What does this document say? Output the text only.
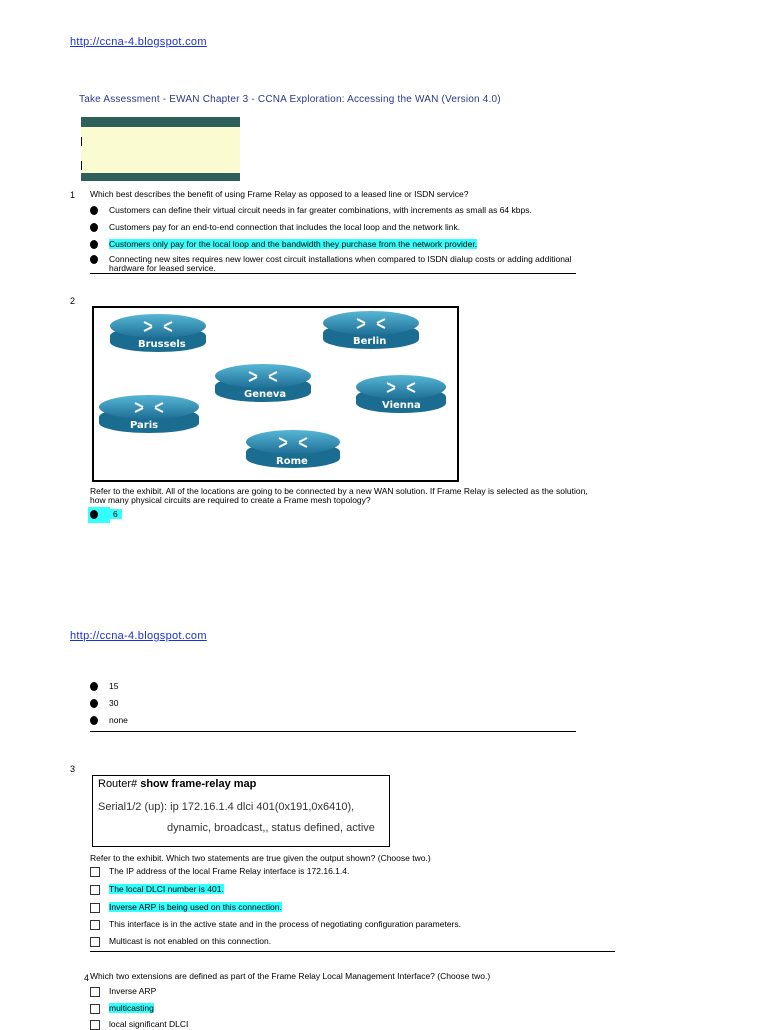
http://ccna-4.blogspot.com
Take Assessment - EWAN Chapter 3 - CCNA Exploration: Accessing the WAN (Version 4.0)
1 Which best describes the benefit of using Frame Relay as opposed to a leased line or ISDN service?
Customers can define their virtual circuit needs in far greater combinations, with increments as small as 64 kbps.
Customers pay for an end-to-end connection that includes the local loop and the network link.
Customers only pay for the local loop and the bandwidth they purchase from the network provider.
Connecting new sites requires new lower cost circuit installations when compared to ISDN dialup costs or adding additional
hardware for leased service.
2
Brussels	Berlin
Geneva
Vienna
Paris
Rome
Refer to the exhibit. All of the locations are going to be connected by a new WAN solution. If Frame Relay is selected as the solution,
how many physical circuits are required to create a Frame mesh topology?
6
http://ccna-4.blogspot.com
15
30
none
3
Router# show frame-relay map
Serial1/2 (up): ip 172.16.1.4 dlci 401(0x191,0x6410),
dynamic, broadcast,, status defined, active
Refer to the exhibit. Which two statements are true given the output shown? (Choose two.)
The IP address of the local Frame Relay interface is 172.16.1.4.
The local DLCI number is 401.
Inverse ARP is being used on this connection.
This interface is in the active state and in the process of negotiating configuration parameters.
Multicast is not enabled on this connection.
4 Which two extensions are defined as part of the Frame Relay Local Management Interface? (Choose two.)
Inverse ARP
multicasting
local significant DLCI
